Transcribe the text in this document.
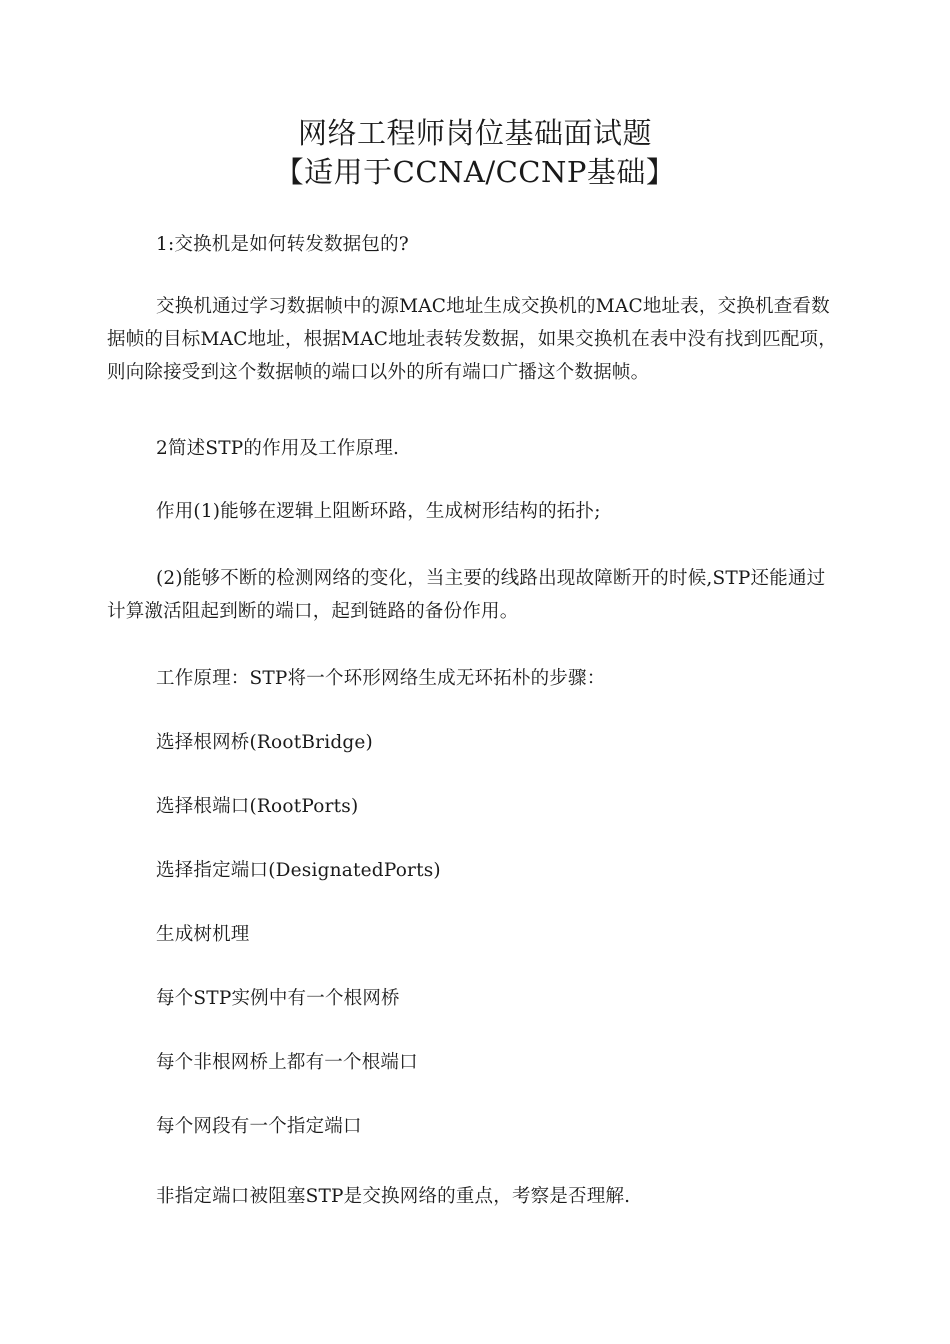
网络工程师岗位基础面试题
【适用于CCNA/CCNP基础】
1:交换机是如何转发数据包的?
交换机通过学习数据帧中的源MAC地址生成交换机的MAC地址表，交换机查看数据帧的目标MAC地址，根据MAC地址表转发数据，如果交换机在表中没有找到匹配项，则向除接受到这个数据帧的端口以外的所有端口广播这个数据帧。
2简述STP的作用及工作原理.
作用(1)能够在逻辑上阻断环路，生成树形结构的拓扑;
(2)能够不断的检测网络的变化，当主要的线路出现故障断开的时候,STP还能通过计算激活阻起到断的端口，起到链路的备份作用。
工作原理：STP将一个环形网络生成无环拓朴的步骤：
选择根网桥(RootBridge)
选择根端口(RootPorts)
选择指定端口(DesignatedPorts)
生成树机理
每个STP实例中有一个根网桥
每个非根网桥上都有一个根端口
每个网段有一个指定端口
非指定端口被阻塞STP是交换网络的重点，考察是否理解.
